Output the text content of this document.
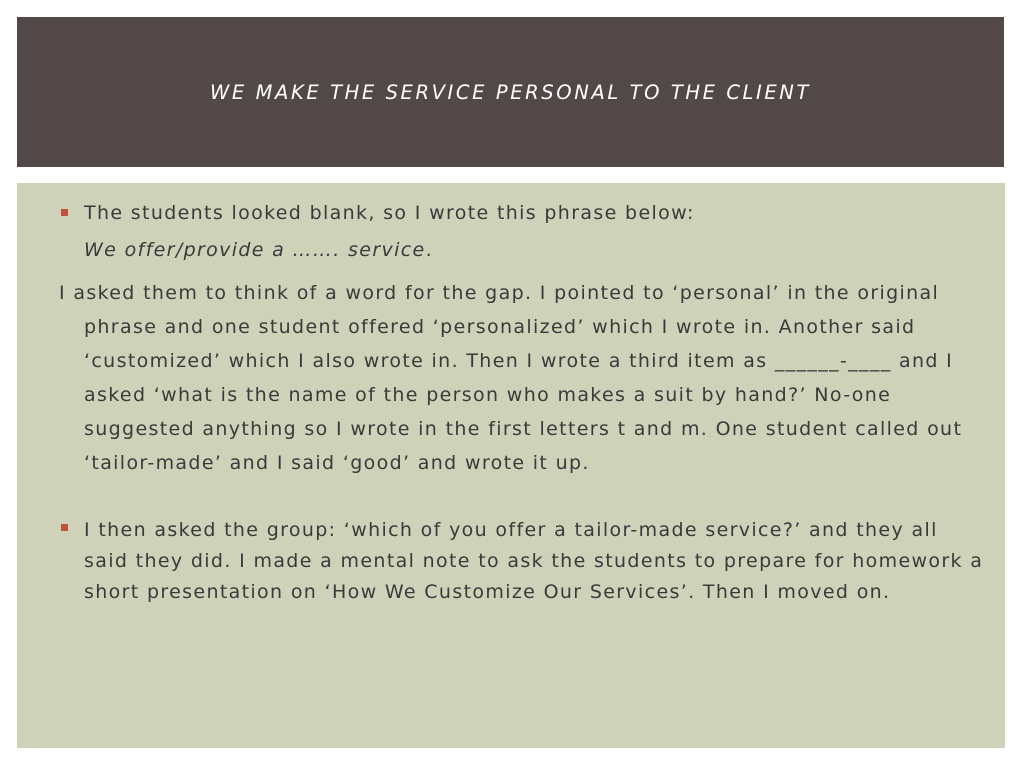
WE MAKE THE SERVICE PERSONAL TO THE CLIENT

The students looked blank, so I wrote this phrase below:

We offer/provide a ……. service.

I asked them to think of a word for the gap. I pointed to ‘personal’ in the original phrase and one student offered ‘personalized’ which I wrote in. Another said ‘customized’ which I also wrote in. Then I wrote a third item as ______-____ and I asked ‘what is the name of the person who makes a suit by hand?’ No-one suggested anything so I wrote in the first letters t and m. One student called out ‘tailor-made’ and I said ‘good’ and wrote it up.

I then asked the group: ‘which of you offer a tailor-made service?’ and they all said they did. I made a mental note to ask the students to prepare for homework a short presentation on ‘How We Customize Our Services’. Then I moved on.
